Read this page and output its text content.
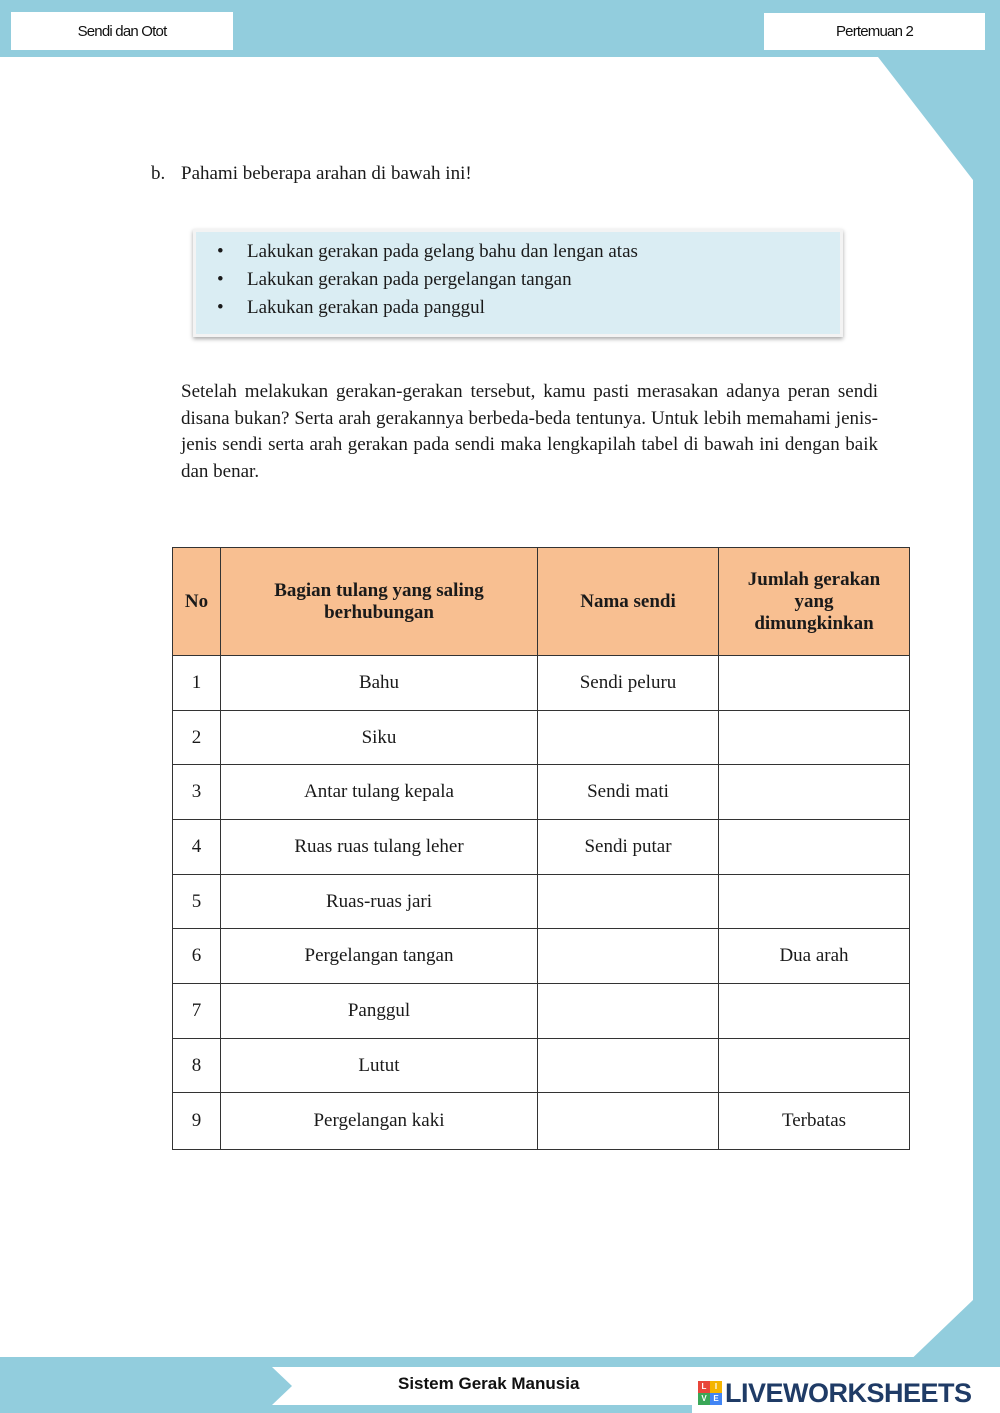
Sendi dan Otot	Pertemuan 2
b. Pahami beberapa arahan di bawah ini!
• Lakukan gerakan pada gelang bahu dan lengan atas
• Lakukan gerakan pada pergelangan tangan
• Lakukan gerakan pada panggul
Setelah melakukan gerakan-gerakan tersebut, kamu pasti merasakan adanya peran sendi disana bukan? Serta arah gerakannya berbeda-beda tentunya. Untuk lebih memahami jenis-jenis sendi serta arah gerakan pada sendi maka lengkapilah tabel di bawah ini dengan baik dan benar.
No	Bagian tulang yang saling berhubungan	Nama sendi	Jumlah gerakan yang dimungkinkan

1	Bahu	Sendi peluru	
2	Siku		
3	Antar tulang kepala	Sendi mati	
4	Ruas ruas tulang leher	Sendi putar	
5	Ruas-ruas jari		
6	Pergelangan tangan		Dua arah
7	Panggul		
8	Lutut		
9	Pergelangan kaki		Terbatas
Sistem Gerak Manusia	L	I
V E LIVEWORKSHEETS
